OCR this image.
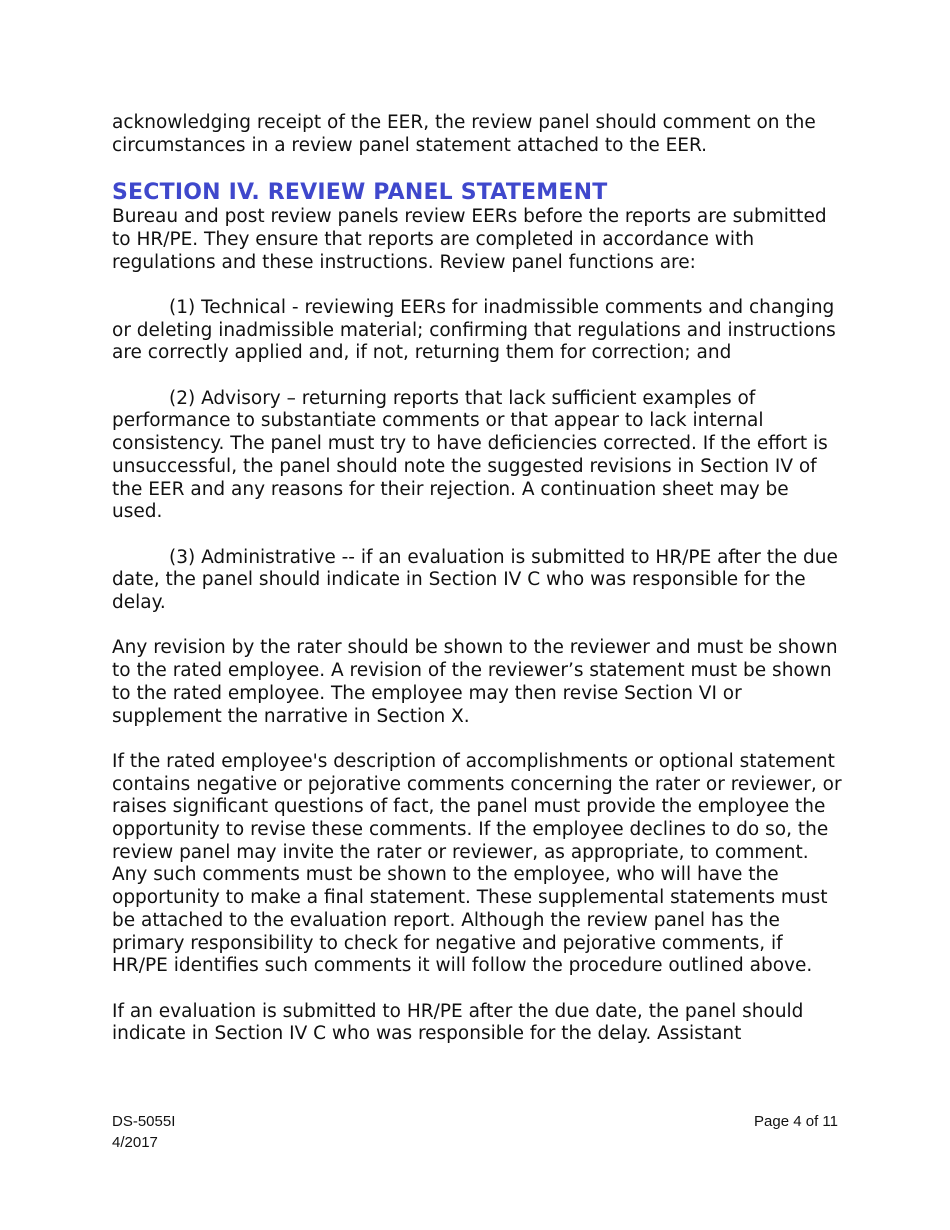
acknowledging receipt of the EER, the review panel should comment on the circumstances in a review panel statement attached to the EER.

SECTION IV. REVIEW PANEL STATEMENT

Bureau and post review panels review EERs before the reports are submitted to HR/PE. They ensure that reports are completed in accordance with regulations and these instructions. Review panel functions are:

(1) Technical - reviewing EERs for inadmissible comments and changing or deleting inadmissible material; confirming that regulations and instructions are correctly applied and, if not, returning them for correction; and

(2) Advisory – returning reports that lack sufficient examples of performance to substantiate comments or that appear to lack internal consistency. The panel must try to have deficiencies corrected. If the effort is unsuccessful, the panel should note the suggested revisions in Section IV of the EER and any reasons for their rejection. A continuation sheet may be used.

(3) Administrative -- if an evaluation is submitted to HR/PE after the due date, the panel should indicate in Section IV C who was responsible for the delay.

Any revision by the rater should be shown to the reviewer and must be shown to the rated employee. A revision of the reviewer’s statement must be shown to the rated employee. The employee may then revise Section VI or supplement the narrative in Section X.

If the rated employee's description of accomplishments or optional statement contains negative or pejorative comments concerning the rater or reviewer, or raises significant questions of fact, the panel must provide the employee the opportunity to revise these comments. If the employee declines to do so, the review panel may invite the rater or reviewer, as appropriate, to comment. Any such comments must be shown to the employee, who will have the opportunity to make a final statement. These supplemental statements must be attached to the evaluation report. Although the review panel has the primary responsibility to check for negative and pejorative comments, if HR/PE identifies such comments it will follow the procedure outlined above.

If an evaluation is submitted to HR/PE after the due date, the panel should indicate in Section IV C who was responsible for the delay. Assistant

DS-5055I
4/2017
Page 4 of 11
